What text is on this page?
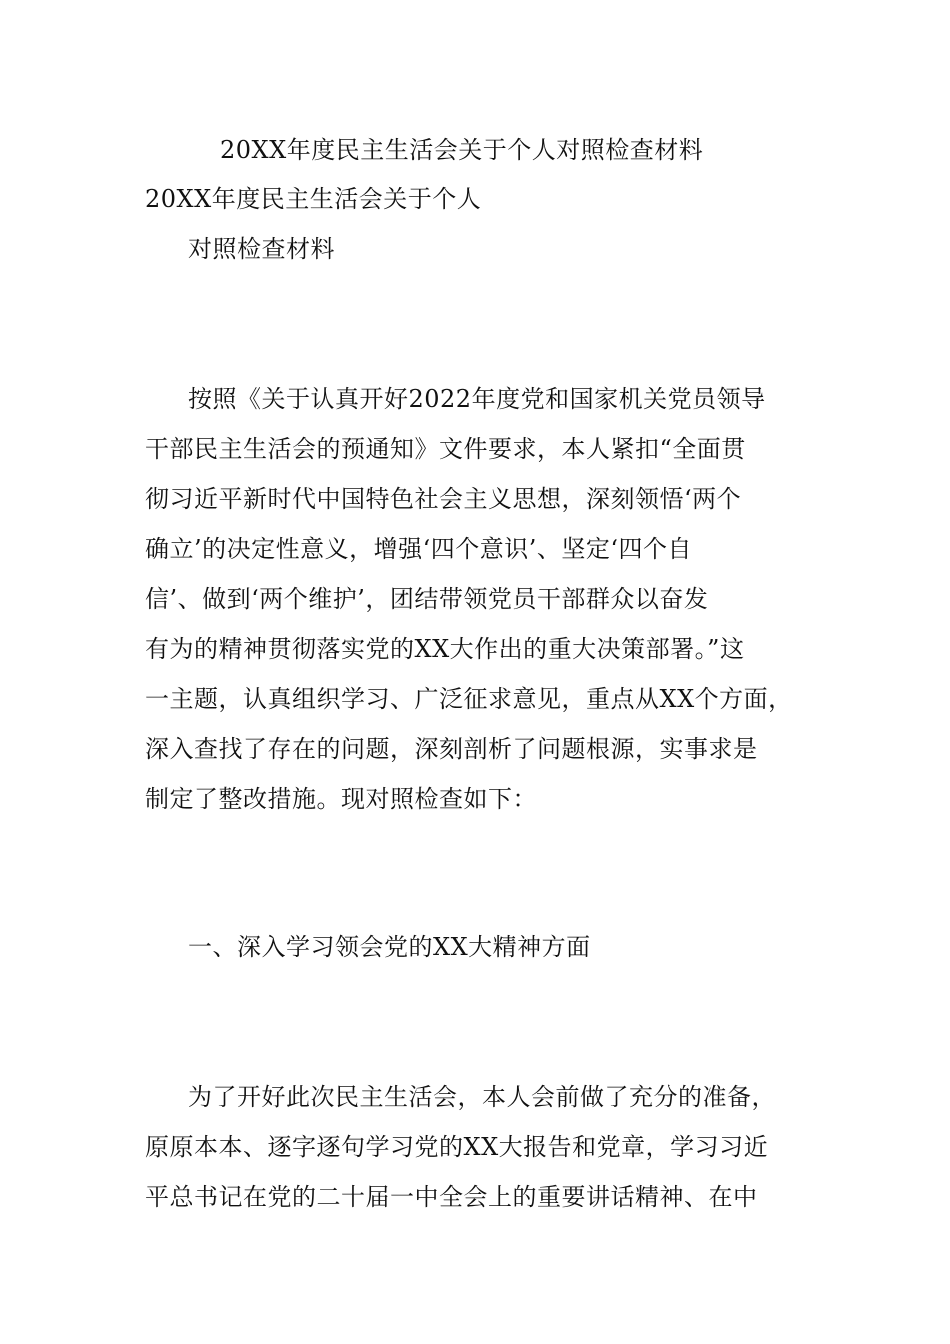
20XX年度民主生活会关于个人对照检查材料
20XX年度民主生活会关于个人
对照检查材料
按照《关于认真开好2022年度党和国家机关党员领导
干部民主生活会的预通知》文件要求，本人紧扣“全面贯
彻习近平新时代中国特色社会主义思想，深刻领悟‘两个
确立’的决定性意义，增强‘四个意识’、坚定‘四个自
信’、做到‘两个维护’，团结带领党员干部群众以奋发
有为的精神贯彻落实党的XX大作出的重大决策部署。”这
一主题，认真组织学习、广泛征求意见，重点从XX个方面，
深入查找了存在的问题，深刻剖析了问题根源，实事求是
制定了整改措施。现对照检查如下：
一、深入学习领会党的XX大精神方面
为了开好此次民主生活会，本人会前做了充分的准备，
原原本本、逐字逐句学习党的XX大报告和党章，学习习近
平总书记在党的二十届一中全会上的重要讲话精神、在中
